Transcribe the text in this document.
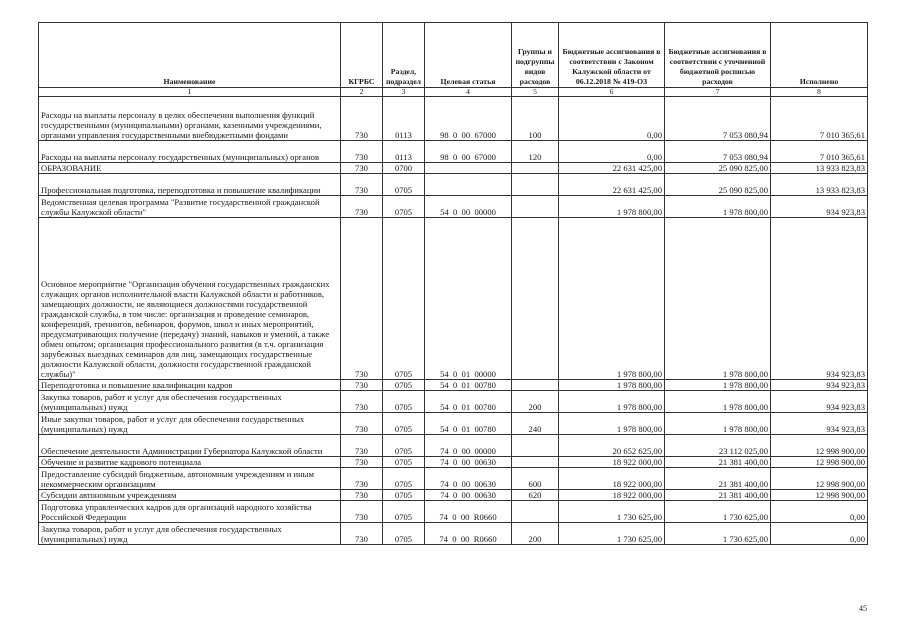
Наименование	КГРБС	Раздел, подраздел	Целевая статья	Группы и подгруппы видов расходов	Бюджетные ассигнования в соответствии с Законом Калужской области от 06.12.2018 № 419-ОЗ	Бюджетные ассигнования в соответствии с уточненной бюджетной росписью расходов	Исполнено
1	2	3	4	5	6	7	8
Расходы на выплаты персоналу в целях обеспечения выполнения функций государственными (муниципальными) органами, казенными учреждениями, органами управления государственными внебюджетными фондами	730	0113	98  0  00  67000	100	0,00	7 053 080,94	7 010 365,61
Расходы на выплаты персоналу государственных (муниципальных) органов	730	0113	98  0  00  67000	120	0,00	7 053 080,94	7 010 365,61
ОБРАЗОВАНИЕ	730	0700			22 631 425,00	25 090 825,00	13 933 823,83
Профессиональная подготовка, переподготовка и повышение квалификации	730	0705			22 631 425,00	25 090 825,00	13 933 823,83
Ведомственная целевая программа "Развитие государственной гражданской службы Калужской области"	730	0705	54  0  00  00000		1 978 800,00	1 978 800,00	934 923,83
Основное мероприятие "Организация обучения государственных гражданских служащих органов исполнительной власти Калужской области и работников, замещающих должности, не являющиеся должностями государственной гражданской службы, в том числе: организация и проведение семинаров, конференций, тренингов, вебинаров, форумов, школ и иных мероприятий, предусматривающих получение (передачу) знаний, навыков и умений, а также обмен опытом; организация профессионального развития (в т.ч. организация зарубежных выездных семинаров для лиц, замещающих государственные должности Калужской области, должности государственной гражданской службы)"	730	0705	54  0  01  00000		1 978 800,00	1 978 800,00	934 923,83
Переподготовка и повышение квалификации кадров	730	0705	54  0  01  00780		1 978 800,00	1 978 800,00	934 923,83
Закупка товаров, работ и услуг для обеспечения государственных (муниципальных) нужд	730	0705	54  0  01  00780	200	1 978 800,00	1 978 800,00	934 923,83
Иные закупки товаров, работ и услуг для обеспечения государственных (муниципальных) нужд	730	0705	54  0  01  00780	240	1 978 800,00	1 978 800,00	934 923,83
Обеспечение деятельности Администрации Губернатора Калужской области	730	0705	74  0  00  00000		20 652 625,00	23 112 025,00	12 998 900,00
Обучение и развитие кадрового потенциала	730	0705	74  0  00  00630		18 922 000,00	21 381 400,00	12 998 900,00
Предоставление субсидий бюджетным, автономным учреждениям и иным некоммерческим организациям	730	0705	74  0  00  00630	600	18 922 000,00	21 381 400,00	12 998 900,00
Субсидии автономным учреждениям	730	0705	74  0  00  00630	620	18 922 000,00	21 381 400,00	12 998 900,00
Подготовка управленческих кадров для организаций народного хозяйства Российской Федерации	730	0705	74  0  00  R0660		1 730 625,00	1 730 625,00	0,00
Закупка товаров, работ и услуг для обеспечения государственных (муниципальных) нужд	730	0705	74  0  00  R0660	200	1 730 625,00	1 730 625,00	0,00
45
